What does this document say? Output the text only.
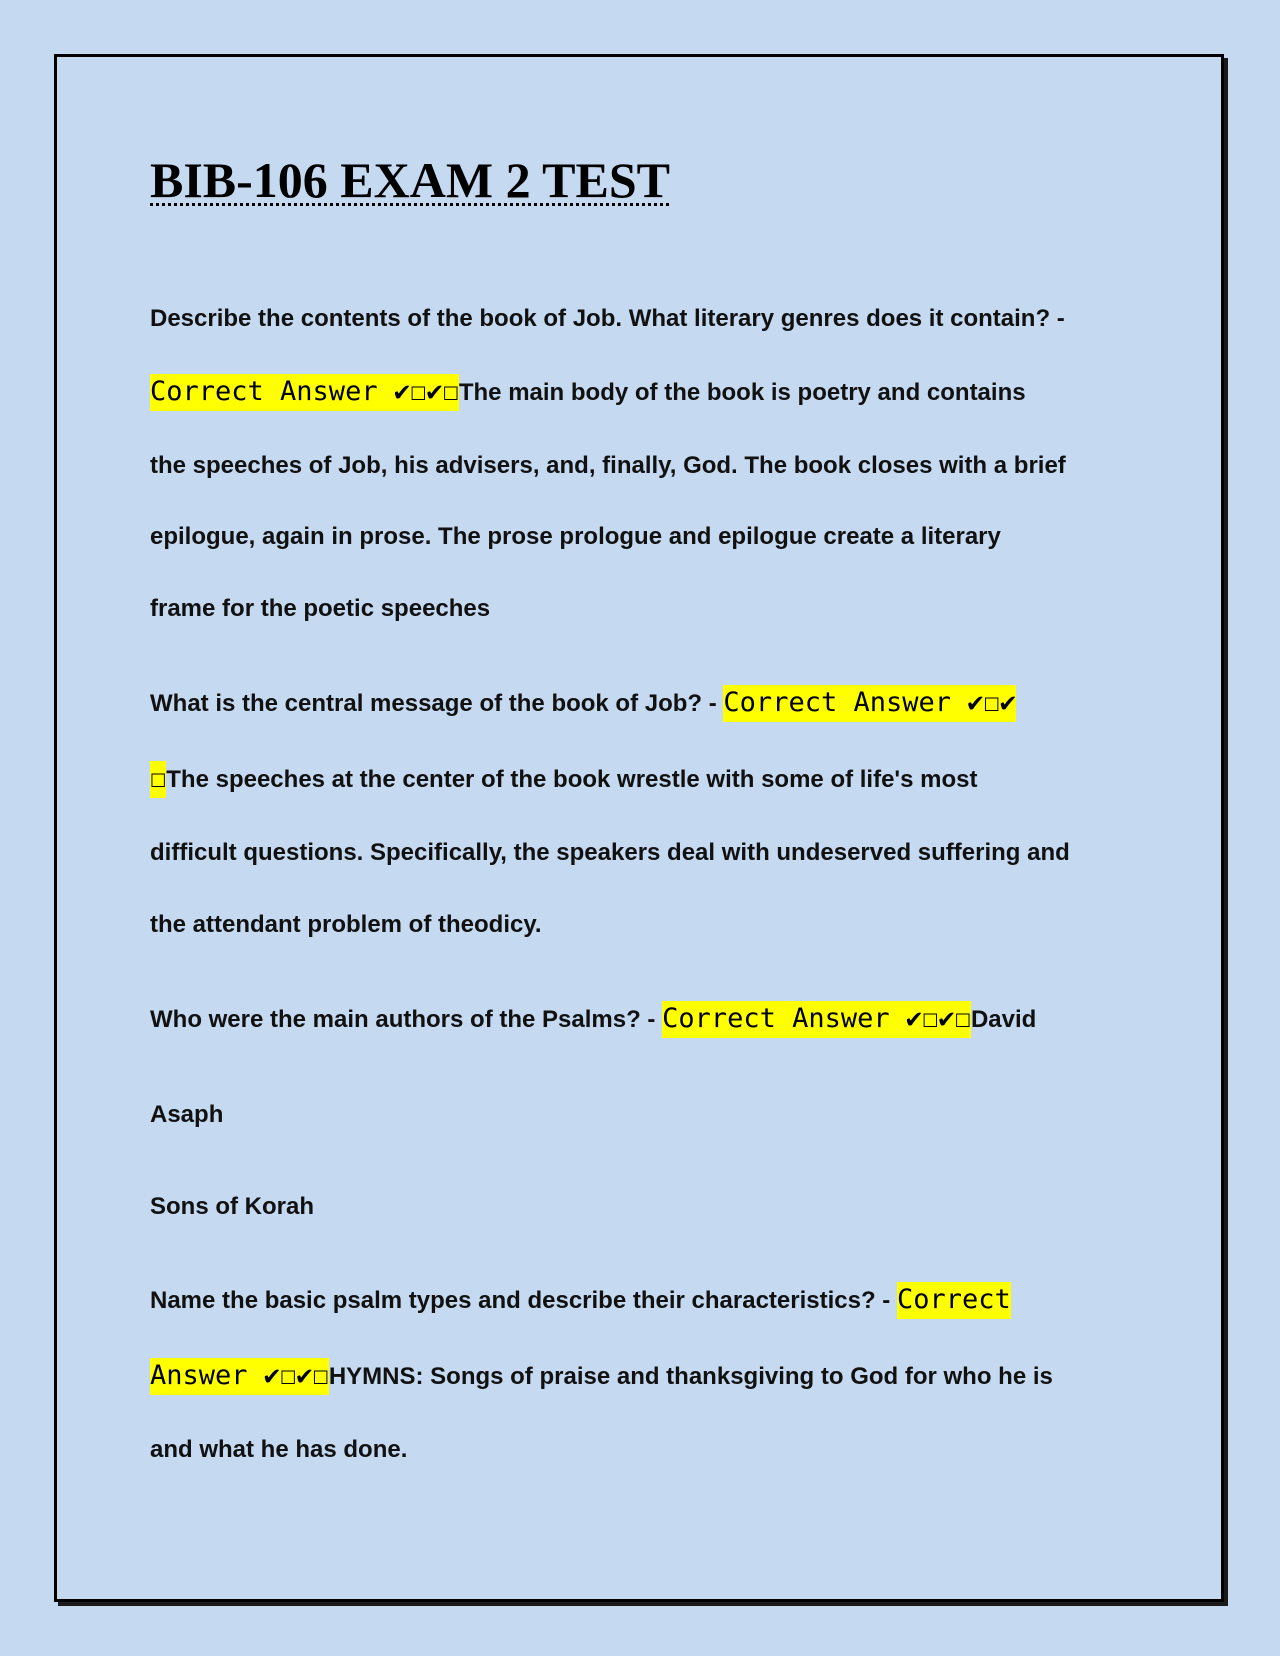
BIB-106 EXAM 2 TEST

Describe the contents of the book of Job. What literary genres does it contain? -

Correct Answer ✔☐✔☐The main body of the book is poetry and contains

the speeches of Job, his advisers, and, finally, God. The book closes with a brief

epilogue, again in prose. The prose prologue and epilogue create a literary

frame for the poetic speeches

What is the central message of the book of Job? - Correct Answer ✔☐✔

☐The speeches at the center of the book wrestle with some of life's most

difficult questions. Specifically, the speakers deal with undeserved suffering and

the attendant problem of theodicy.

Who were the main authors of the Psalms? - Correct Answer ✔☐✔☐David

Asaph

Sons of Korah

Name the basic psalm types and describe their characteristics? - Correct

Answer ✔☐✔☐HYMNS: Songs of praise and thanksgiving to God for who he is

and what he has done.
